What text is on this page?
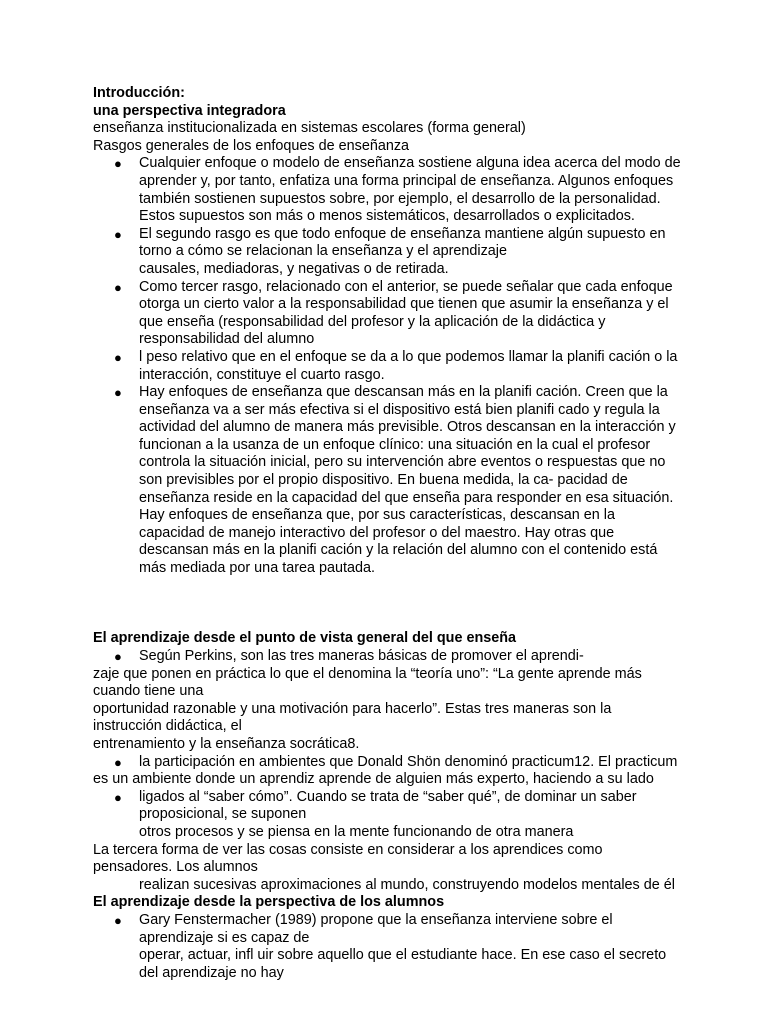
Introducción:
una perspectiva integradora
enseñanza institucionalizada en sistemas escolares (forma general)
Rasgos generales de los enfoques de enseñanza
● Cualquier enfoque o modelo de enseñanza sostiene alguna idea acerca del modo de
aprender y, por tanto, enfatiza una forma principal de enseñanza. Algunos enfoques
también sostienen supuestos sobre, por ejemplo, el desarrollo de la personalidad.
Estos supuestos son más o menos sistemáticos, desarrollados o explicitados.
● El segundo rasgo es que todo enfoque de enseñanza mantiene algún supuesto en
torno a cómo se relacionan la enseñanza y el aprendizaje
causales, mediadoras, y negativas o de retirada.
● Como tercer rasgo, relacionado con el anterior, se puede señalar que cada enfoque
otorga un cierto valor a la responsabilidad que tienen que asumir la enseñanza y el
que enseña (responsabilidad del profesor y la aplicación de la didáctica y
responsabilidad del alumno
● l peso relativo que en el enfoque se da a lo que podemos llamar la planifi cación o la
interacción, constituye el cuarto rasgo.
● Hay enfoques de enseñanza que descansan más en la planifi cación. Creen que la
enseñanza va a ser más efectiva si el dispositivo está bien planifi cado y regula la
actividad del alumno de manera más previsible. Otros descansan en la interacción y
funcionan a la usanza de un enfoque clínico: una situación en la cual el profesor
controla la situación inicial, pero su intervención abre eventos o respuestas que no
son previsibles por el propio dispositivo. En buena medida, la ca- pacidad de
enseñanza reside en la capacidad del que enseña para responder en esa situación.
Hay enfoques de enseñanza que, por sus características, descansan en la
capacidad de manejo interactivo del profesor o del maestro. Hay otras que
descansan más en la planifi cación y la relación del alumno con el contenido está
más mediada por una tarea pautada.
El aprendizaje desde el punto de vista general del que enseña
● Según Perkins, son las tres maneras básicas de promover el aprendi-
zaje que ponen en práctica lo que el denomina la “teoría uno”: “La gente aprende más
cuando tiene una
oportunidad razonable y una motivación para hacerlo”. Estas tres maneras son la
instrucción didáctica, el
entrenamiento y la enseñanza socrática8.
● la participación en ambientes que Donald Shön denominó practicum12. El practicum
es un ambiente donde un aprendiz aprende de alguien más experto, haciendo a su lado
● ligados al “saber cómo”. Cuando se trata de “saber qué”, de dominar un saber
proposicional, se suponen
otros procesos y se piensa en la mente funcionando de otra manera
La tercera forma de ver las cosas consiste en considerar a los aprendices como
pensadores. Los alumnos
realizan sucesivas aproximaciones al mundo, construyendo modelos mentales de él
El aprendizaje desde la perspectiva de los alumnos
● Gary Fenstermacher (1989) propone que la enseñanza interviene sobre el
aprendizaje si es capaz de
operar, actuar, infl uir sobre aquello que el estudiante hace. En ese caso el secreto
del aprendizaje no hay
